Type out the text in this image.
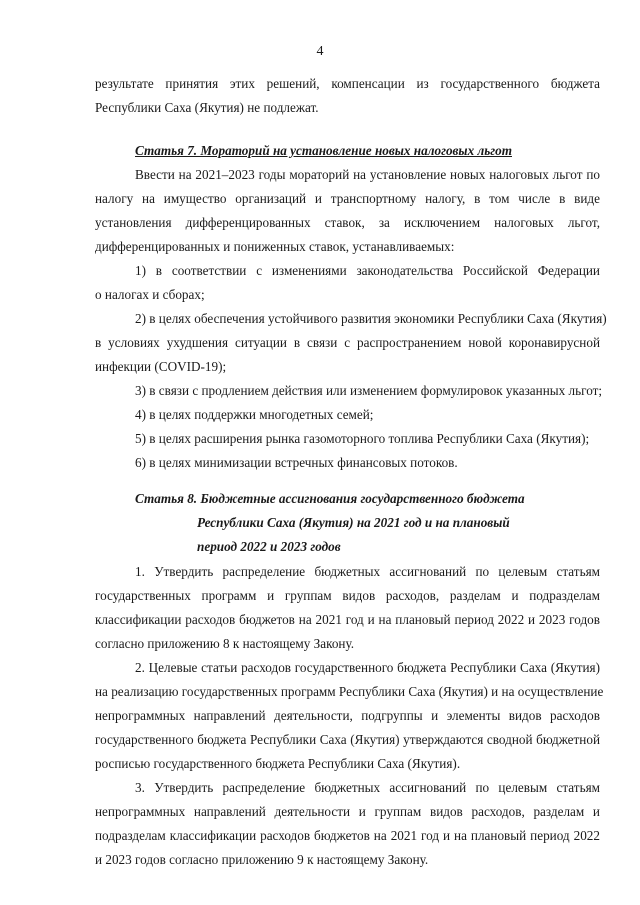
4
результате принятия этих решений, компенсации из государственного бюджета
Республики Саха (Якутия) не подлежат.
Статья 7. Мораторий на установление новых налоговых льгот
Ввести на 2021–2023 годы мораторий на установление новых налоговых льгот по
налогу на имущество организаций и транспортному налогу, в том числе в виде
установления дифференцированных ставок, за исключением налоговых льгот,
дифференцированных и пониженных ставок, устанавливаемых:
1) в соответствии с изменениями законодательства Российской Федерации
о налогах и сборах;
2) в целях обеспечения устойчивого развития экономики Республики Саха (Якутия)
в условиях ухудшения ситуации в связи с распространением новой коронавирусной
инфекции (COVID-19);
3) в связи с продлением действия или изменением формулировок указанных льгот;
4) в целях поддержки многодетных семей;
5) в целях расширения рынка газомоторного топлива Республики Саха (Якутия);
6) в целях минимизации встречных финансовых потоков.
Статья 8. Бюджетные ассигнования государственного бюджета
Республики Саха (Якутия) на 2021 год и на плановый
период 2022 и 2023 годов
1. Утвердить распределение бюджетных ассигнований по целевым статьям
государственных программ и группам видов расходов, разделам и подразделам
классификации расходов бюджетов на 2021 год и на плановый период 2022 и 2023 годов
согласно приложению 8 к настоящему Закону.
2. Целевые статьи расходов государственного бюджета Республики Саха (Якутия)
на реализацию государственных программ Республики Саха (Якутия) и на осуществление
непрограммных направлений деятельности, подгруппы и элементы видов расходов
государственного бюджета Республики Саха (Якутия) утверждаются сводной бюджетной
росписью государственного бюджета Республики Саха (Якутия).
3. Утвердить распределение бюджетных ассигнований по целевым статьям
непрограммных направлений деятельности и группам видов расходов, разделам и
подразделам классификации расходов бюджетов на 2021 год и на плановый период 2022
и 2023 годов согласно приложению 9 к настоящему Закону.
